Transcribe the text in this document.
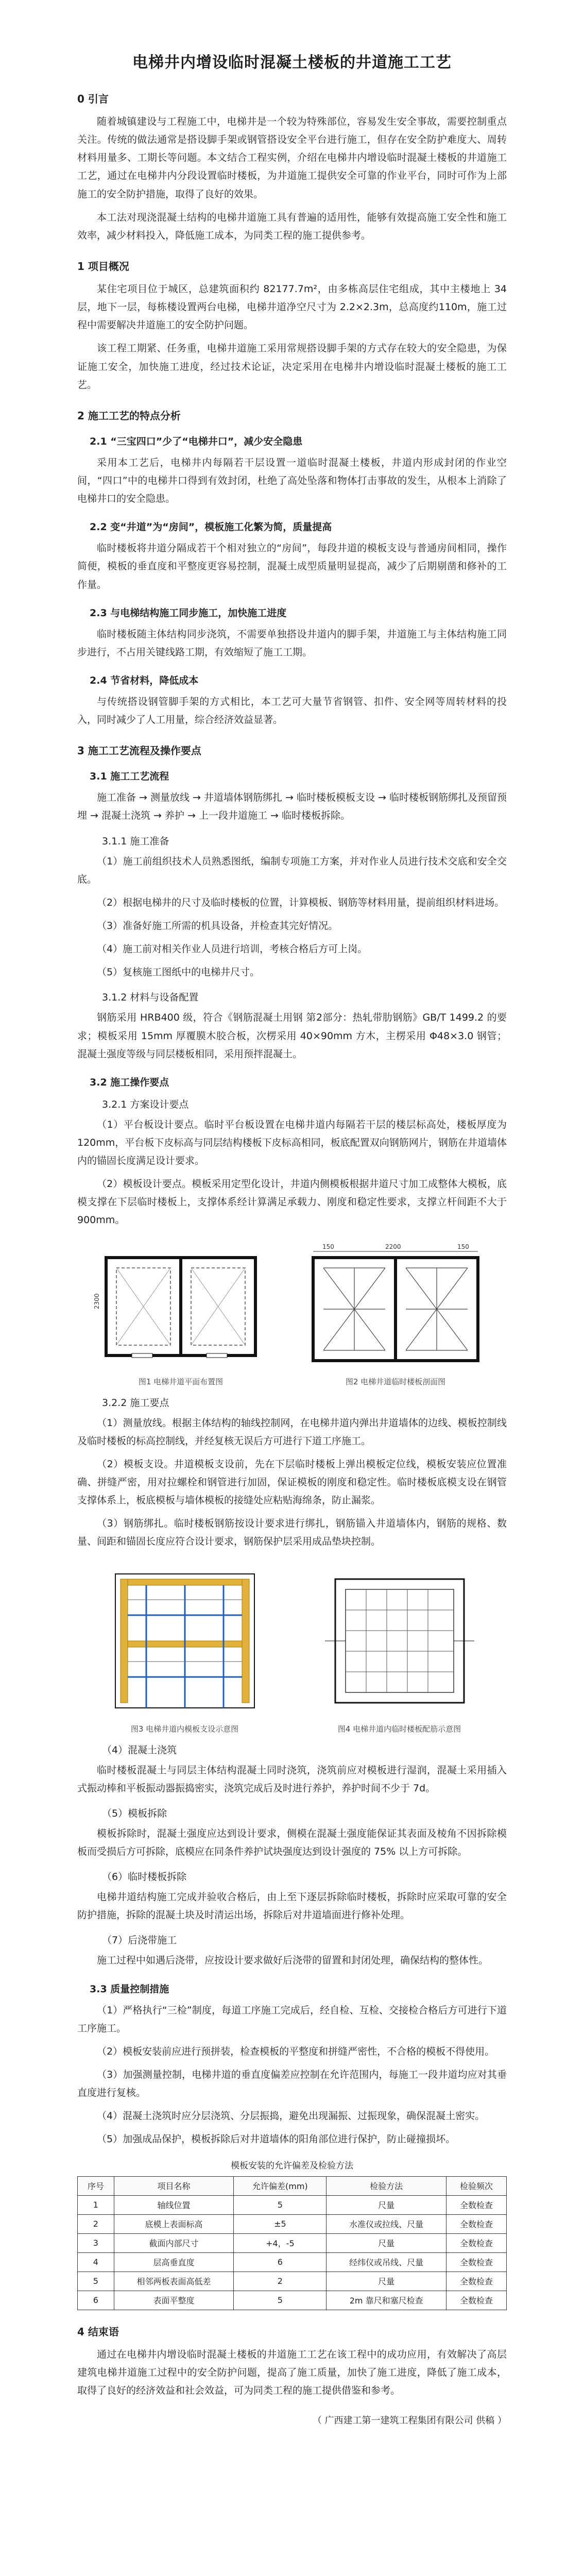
电梯井内增设临时混凝土楼板的井道施工工艺
0 引言
随着城镇建设与工程施工中，电梯井是一个较为特殊部位，容易发生安全事故，需要控制重点关注。传统的做法通常是搭设脚手架或钢管搭设安全平台进行施工，但存在安全防护难度大、周转材料用量多、工期长等问题。本文结合工程实例，介绍在电梯井内增设临时混凝土楼板的井道施工工艺，通过在电梯井内分段设置临时楼板，为井道施工提供安全可靠的作业平台，同时可作为上部施工的安全防护措施，取得了良好的效果。
本工法对现浇混凝土结构的电梯井道施工具有普遍的适用性，能够有效提高施工安全性和施工效率，减少材料投入，降低施工成本，为同类工程的施工提供参考。
1 项目概况
某住宅项目位于城区，总建筑面积约 82177.7m²，由多栋高层住宅组成，其中主楼地上 34 层，地下一层，每栋楼设置两台电梯，电梯井道净空尺寸为 2.2×2.3m，总高度约110m，施工过程中需要解决井道施工的安全防护问题。
该工程工期紧、任务重，电梯井道施工采用常规搭设脚手架的方式存在较大的安全隐患，为保证施工安全，加快施工进度，经过技术论证，决定采用在电梯井内增设临时混凝土楼板的施工工艺。
2 施工工艺的特点分析
2.1 “三宝四口”少了“电梯井口”，减少安全隐患
采用本工艺后，电梯井内每隔若干层设置一道临时混凝土楼板，井道内形成封闭的作业空间，“四口”中的电梯井口得到有效封闭，杜绝了高处坠落和物体打击事故的发生，从根本上消除了电梯井口的安全隐患。
2.2 变“井道”为“房间”，模板施工化繁为简，质量提高
临时楼板将井道分隔成若干个相对独立的“房间”，每段井道的模板支设与普通房间相同，操作简便，模板的垂直度和平整度更容易控制，混凝土成型质量明显提高，减少了后期剔凿和修补的工作量。
2.3 与电梯结构施工同步施工，加快施工进度
临时楼板随主体结构同步浇筑，不需要单独搭设井道内的脚手架，井道施工与主体结构施工同步进行，不占用关键线路工期，有效缩短了施工工期。
2.4 节省材料，降低成本
与传统搭设钢管脚手架的方式相比，本工艺可大量节省钢管、扣件、安全网等周转材料的投入，同时减少了人工用量，综合经济效益显著。
3 施工工艺流程及操作要点
3.1 施工工艺流程
施工准备 → 测量放线 → 井道墙体钢筋绑扎 → 临时楼板模板支设 → 临时楼板钢筋绑扎及预留预埋 → 混凝土浇筑 → 养护 → 上一段井道施工 → 临时楼板拆除。
3.1.1 施工准备
（1）施工前组织技术人员熟悉图纸，编制专项施工方案，并对作业人员进行技术交底和安全交底。
（2）根据电梯井的尺寸及临时楼板的位置，计算模板、钢筋等材料用量，提前组织材料进场。
（3）准备好施工所需的机具设备，并检查其完好情况。
（4）施工前对相关作业人员进行培训，考核合格后方可上岗。
（5）复核施工图纸中的电梯井尺寸。
3.1.2 材料与设备配置
钢筋采用 HRB400 级，符合《钢筋混凝土用钢 第2部分：热轧带肋钢筋》GB/T 1499.2 的要求；模板采用 15mm 厚覆膜木胶合板，次楞采用 40×90mm 方木，主楞采用 Φ48×3.0 钢管；混凝土强度等级与同层楼板相同，采用预拌混凝土。
3.2 施工操作要点
3.2.1 方案设计要点
（1）平台板设计要点。临时平台板设置在电梯井道内每隔若干层的楼层标高处，楼板厚度为 120mm，平台板下皮标高与同层结构楼板下皮标高相同，板底配置双向钢筋网片，钢筋在井道墙体内的锚固长度满足设计要求。
（2）模板设计要点。模板采用定型化设计，井道内侧模板根据井道尺寸加工成整体大模板，底模支撑在下层临时楼板上，支撑体系经计算满足承载力、刚度和稳定性要求，支撑立杆间距不大于 900mm。
2300
图1 电梯井道平面布置图
150	2200	150
图2 电梯井道临时楼板剖面图
3.2.2 施工要点
（1）测量放线。根据主体结构的轴线控制网，在电梯井道内弹出井道墙体的边线、模板控制线及临时楼板的标高控制线，并经复核无误后方可进行下道工序施工。
（2）模板支设。井道模板支设前，先在下层临时楼板上弹出模板定位线，模板安装应位置准确、拼缝严密，用对拉螺栓和钢管进行加固，保证模板的刚度和稳定性。临时楼板底模支设在钢管支撑体系上，板底模板与墙体模板的接缝处应粘贴海绵条，防止漏浆。
（3）钢筋绑扎。临时楼板钢筋按设计要求进行绑扎，钢筋锚入井道墙体内，钢筋的规格、数量、间距和锚固长度应符合设计要求，钢筋保护层采用成品垫块控制。
图3 电梯井道内模板支设示意图	图4 电梯井道内临时楼板配筋示意图
（4）混凝土浇筑
临时楼板混凝土与同层主体结构混凝土同时浇筑，浇筑前应对模板进行湿润，混凝土采用插入式振动棒和平板振动器振捣密实，浇筑完成后及时进行养护，养护时间不少于 7d。
（5）模板拆除
模板拆除时，混凝土强度应达到设计要求，侧模在混凝土强度能保证其表面及棱角不因拆除模板而受损后方可拆除，底模应在同条件养护试块强度达到设计强度的 75% 以上方可拆除。
（6）临时楼板拆除
电梯井道结构施工完成并验收合格后，由上至下逐层拆除临时楼板，拆除时应采取可靠的安全防护措施，拆除的混凝土块及时清运出场，拆除后对井道墙面进行修补处理。
（7）后浇带施工
施工过程中如遇后浇带，应按设计要求做好后浇带的留置和封闭处理，确保结构的整体性。
3.3 质量控制措施
（1）严格执行“三检”制度，每道工序施工完成后，经自检、互检、交接检合格后方可进行下道工序施工。
（2）模板安装前应进行预拼装，检查模板的平整度和拼缝严密性，不合格的模板不得使用。
（3）加强测量控制，电梯井道的垂直度偏差应控制在允许范围内，每施工一段井道均应对其垂直度进行复核。
（4）混凝土浇筑时应分层浇筑、分层振捣，避免出现漏振、过振现象，确保混凝土密实。
（5）加强成品保护，模板拆除后对井道墙体的阳角部位进行保护，防止碰撞损坏。
模板安装的允许偏差及检验方法
序号	项目名称	允许偏差(mm)	检验方法	检验频次
1	轴线位置	5	尺量	全数检查
2	底模上表面标高	±5	水准仪或拉线、尺量	全数检查
3	截面内部尺寸	+4，-5	尺量	全数检查
4	层高垂直度	6	经纬仪或吊线、尺量	全数检查
5	相邻两板表面高低差	2	尺量	全数检查
6	表面平整度	5	2m 靠尺和塞尺检查	全数检查
4 结束语
通过在电梯井内增设临时混凝土楼板的井道施工工艺在该工程中的成功应用，有效解决了高层建筑电梯井道施工过程中的安全防护问题，提高了施工质量，加快了施工进度，降低了施工成本，取得了良好的经济效益和社会效益，可为同类工程的施工提供借鉴和参考。
（ 广西建工第一建筑工程集团有限公司 供稿 ）
